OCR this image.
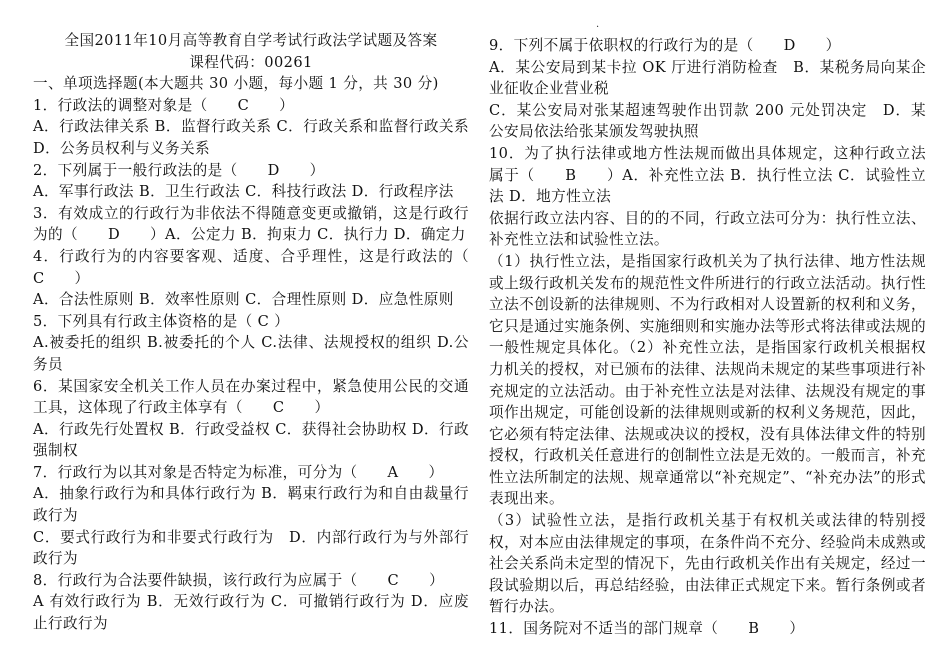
·

全国2011年10月高等教育自学考试行政法学试题及答案

课程代码：00261

一、单项选择题(本大题共 30 小题，每小题 1 分，共 30 分)

1．行政法的调整对象是（　　C　　）

A．行政法律关系 B．监督行政关系 C．行政关系和监督行政关系 D．公务员权利与义务关系

2．下列属于一般行政法的是（　　D　　）

A．军事行政法 B．卫生行政法 C．科技行政法 D．行政程序法

3．有效成立的行政行为非依法不得随意变更或撤销，这是行政行为的（　　D　　）A．公定力 B．拘束力 C．执行力 D．确定力

4．行政行为的内容要客观、适度、合乎理性，这是行政法的（　　C　　）

A．合法性原则 B．效率性原则 C．合理性原则 D．应急性原则

5．下列具有行政主体资格的是（ C ）

A.被委托的组织 B.被委托的个人 C.法律、法规授权的组织 D.公务员

6．某国家安全机关工作人员在办案过程中，紧急使用公民的交通工具，这体现了行政主体享有（　　C　　）

A．行政先行处置权 B．行政受益权 C．获得社会协助权 D．行政强制权

7．行政行为以其对象是否特定为标准，可分为（　　A　　）

A．抽象行政行为和具体行政行为 B．羁束行政行为和自由裁量行政行为

C．要式行政行为和非要式行政行为　D．内部行政行为与外部行政行为

8．行政行为合法要件缺损，该行政行为应属于（　　C　　）

A 有效行政行为 B．无效行政行为 C．可撤销行政行为 D．应废止行政行为

9．下列不属于依职权的行政行为的是（　　D　　）

A．某公安局到某卡拉 OK 厅进行消防检查　B．某税务局向某企业征收企业营业税

C．某公安局对张某超速驾驶作出罚款 200 元处罚决定　D．某公安局依法给张某颁发驾驶执照

10．为了执行法律或地方性法规而做出具体规定，这种行政立法属于（　　B　　）A．补充性立法 B．执行性立法 C．试验性立法 D．地方性立法

依据行政立法内容、目的的不同，行政立法可分为：执行性立法、补充性立法和试验性立法。

（1）执行性立法，是指国家行政机关为了执行法律、地方性法规或上级行政机关发布的规范性文件所进行的行政立法活动。执行性立法不创设新的法律规则、不为行政相对人设置新的权利和义务，它只是通过实施条例、实施细则和实施办法等形式将法律或法规的一般性规定具体化。（2）补充性立法，是指国家行政机关根据权力机关的授权，对已颁布的法律、法规尚未规定的某些事项进行补充规定的立法活动。由于补充性立法是对法律、法规没有规定的事项作出规定，可能创设新的法律规则或新的权利义务规范，因此，它必须有特定法律、法规或决议的授权，没有具体法律文件的特别授权，行政机关任意进行的创制性立法是无效的。一般而言，补充性立法所制定的法规、规章通常以“补充规定”、“补充办法”的形式表现出来。

（3）试验性立法，是指行政机关基于有权机关或法律的特别授权，对本应由法律规定的事项，在条件尚不充分、经验尚未成熟或社会关系尚未定型的情况下，先由行政机关作出有关规定，经过一段试验期以后，再总结经验，由法律正式规定下来。暂行条例或者暂行办法。

11．国务院对不适当的部门规章（　　B　　）
